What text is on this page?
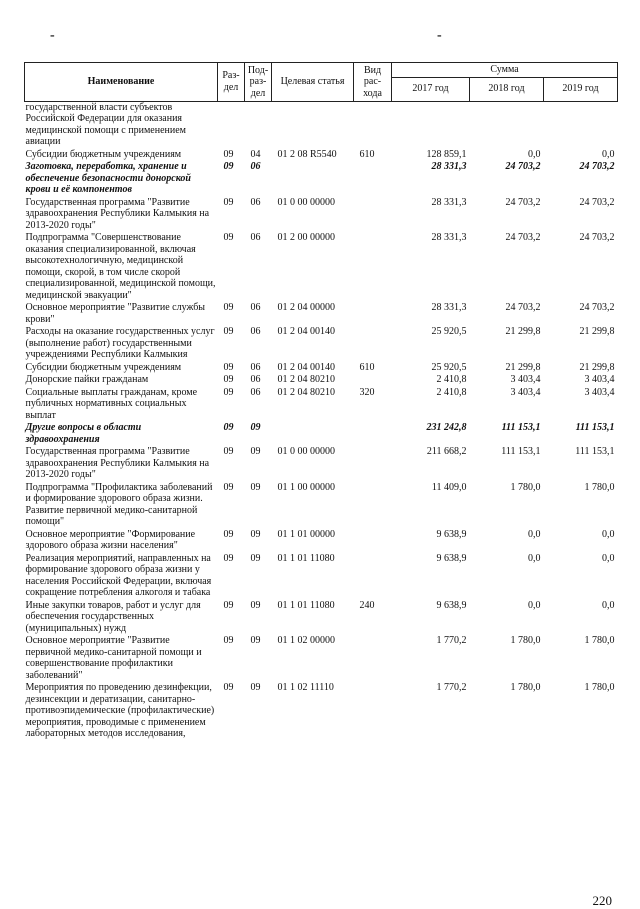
-	-
Наименование	Раз-дел	Под-раз-дел	Целевая статья	Вид рас-хода	Сумма		
					2017 год	2018 год	2019 год
государственной власти субъектов Российской Федерации для оказания медицинской помощи с применением авиации							
Субсидии бюджетным учреждениям	09	04	01 2 08 R5540	610	128 859,1	0,0	0,0
Заготовка, переработка, хранение и обеспечение безопасности донорской крови и её компонентов	09	06			28 331,3	24 703,2	24 703,2
Государственная программа "Развитие здравоохранения Республики Калмыкия на 2013-2020 годы"	09	06	01 0 00 00000		28 331,3	24 703,2	24 703,2
Подпрограмма "Совершенствование оказания специализированной, включая высокотехнологичную, медицинской помощи, скорой, в том числе скорой специализированной, медицинской помощи, медицинской эвакуации"	09	06	01 2 00 00000		28 331,3	24 703,2	24 703,2
Основное мероприятие "Развитие службы крови"	09	06	01 2 04 00000		28 331,3	24 703,2	24 703,2
Расходы на оказание государственных услуг (выполнение работ) государственными учреждениями Республики Калмыкия	09	06	01 2 04 00140		25 920,5	21 299,8	21 299,8
Субсидии бюджетным учреждениям	09	06	01 2 04 00140	610	25 920,5	21 299,8	21 299,8
Донорские пайки гражданам	09	06	01 2 04 80210		2 410,8	3 403,4	3 403,4
Социальные выплаты гражданам, кроме публичных нормативных социальных выплат	09	06	01 2 04 80210	320	2 410,8	3 403,4	3 403,4
Другие вопросы в области здравоохранения	09	09			231 242,8	111 153,1	111 153,1
Государственная программа "Развитие здравоохранения Республики Калмыкия на 2013-2020 годы"	09	09	01 0 00 00000		211 668,2	111 153,1	111 153,1
Подпрограмма "Профилактика заболеваний и формирование здорового образа жизни. Развитие первичной медико-санитарной помощи"	09	09	01 1 00 00000		11 409,0	1 780,0	1 780,0
Основное мероприятие "Формирование здорового образа жизни населения"	09	09	01 1 01 00000		9 638,9	0,0	0,0
Реализация мероприятий, направленных на формирование здорового образа жизни у населения Российской Федерации, включая сокращение потребления алкоголя и табака	09	09	01 1 01 11080		9 638,9	0,0	0,0
Иные закупки товаров, работ и услуг для обеспечения государственных (муниципальных) нужд	09	09	01 1 01 11080	240	9 638,9	0,0	0,0
Основное мероприятие "Развитие первичной медико-санитарной помощи и совершенствование профилактики заболеваний"	09	09	01 1 02 00000		1 770,2	1 780,0	1 780,0
Мероприятия по проведению дезинфекции, дезинсекции и дератизации, санитарно-противоэпидемические (профилактические) мероприятия, проводимые с применением лабораторных методов исследования,	09	09	01 1 02 11110		1 770,2	1 780,0	1 780,0
220
